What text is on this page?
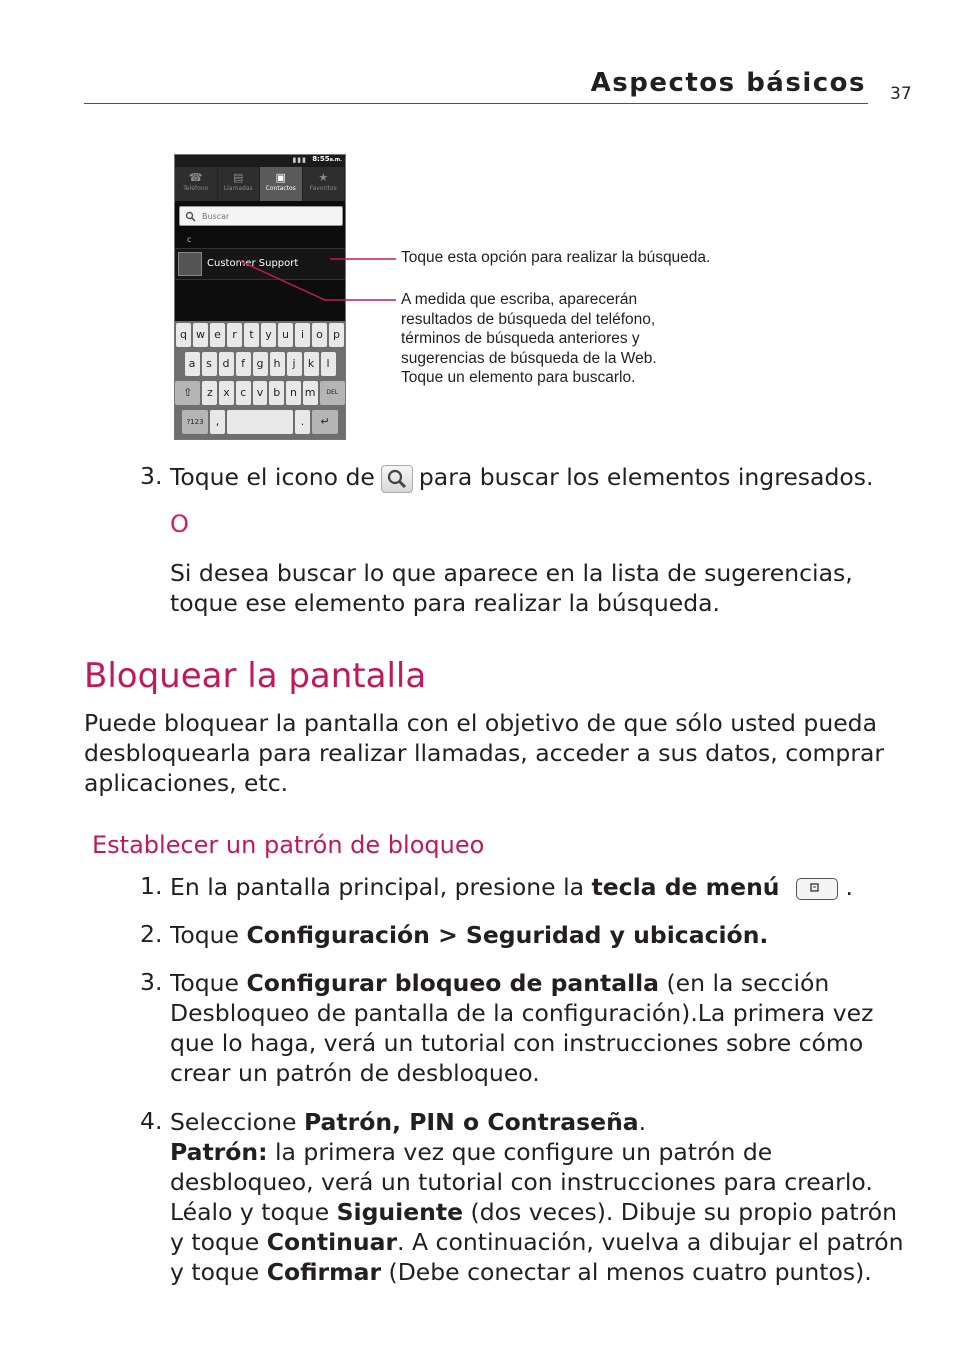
Aspectos básicos 37
▮▮▮ 8:55a.m.
☎
Teléfono
▤
Llamadas
▣
Contactos
★
Favoritos
Buscar
c
Customer Support
q w e	r	t	y u	i	o p
a s d	f	g h	j	k	l
⇧	z x c v b n m	DEL
?123	,	.	↵
Toque esta opción para realizar la búsqueda.
A medida que escriba, aparecerán
resultados de búsqueda del teléfono,
términos de búsqueda anteriores y
sugerencias de búsqueda de la Web.
Toque un elemento para buscarlo.
3. Toque el icono de para buscar los elementos ingresados.
O
Si desea buscar lo que aparece en la lista de sugerencias,
toque ese elemento para realizar la búsqueda.
Bloquear la pantalla
Puede bloquear la pantalla con el objetivo de que sólo usted pueda
desbloquearla para realizar llamadas, acceder a sus datos, comprar
aplicaciones, etc.
Establecer un patrón de bloqueo
1. En la pantalla principal, presione la tecla de menú	.
2. Toque Configuración > Seguridad y ubicación.
3. Toque Configurar bloqueo de pantalla (en la sección
Desbloqueo de pantalla de la configuración).La primera vez
que lo haga, verá un tutorial con instrucciones sobre cómo
crear un patrón de desbloqueo.
4. Seleccione Patrón, PIN o Contraseña.
Patrón: la primera vez que configure un patrón de
desbloqueo, verá un tutorial con instrucciones para crearlo.
Léalo y toque Siguiente (dos veces). Dibuje su propio patrón
y toque Continuar. A continuación, vuelva a dibujar el patrón
y toque Cofirmar (Debe conectar al menos cuatro puntos).
